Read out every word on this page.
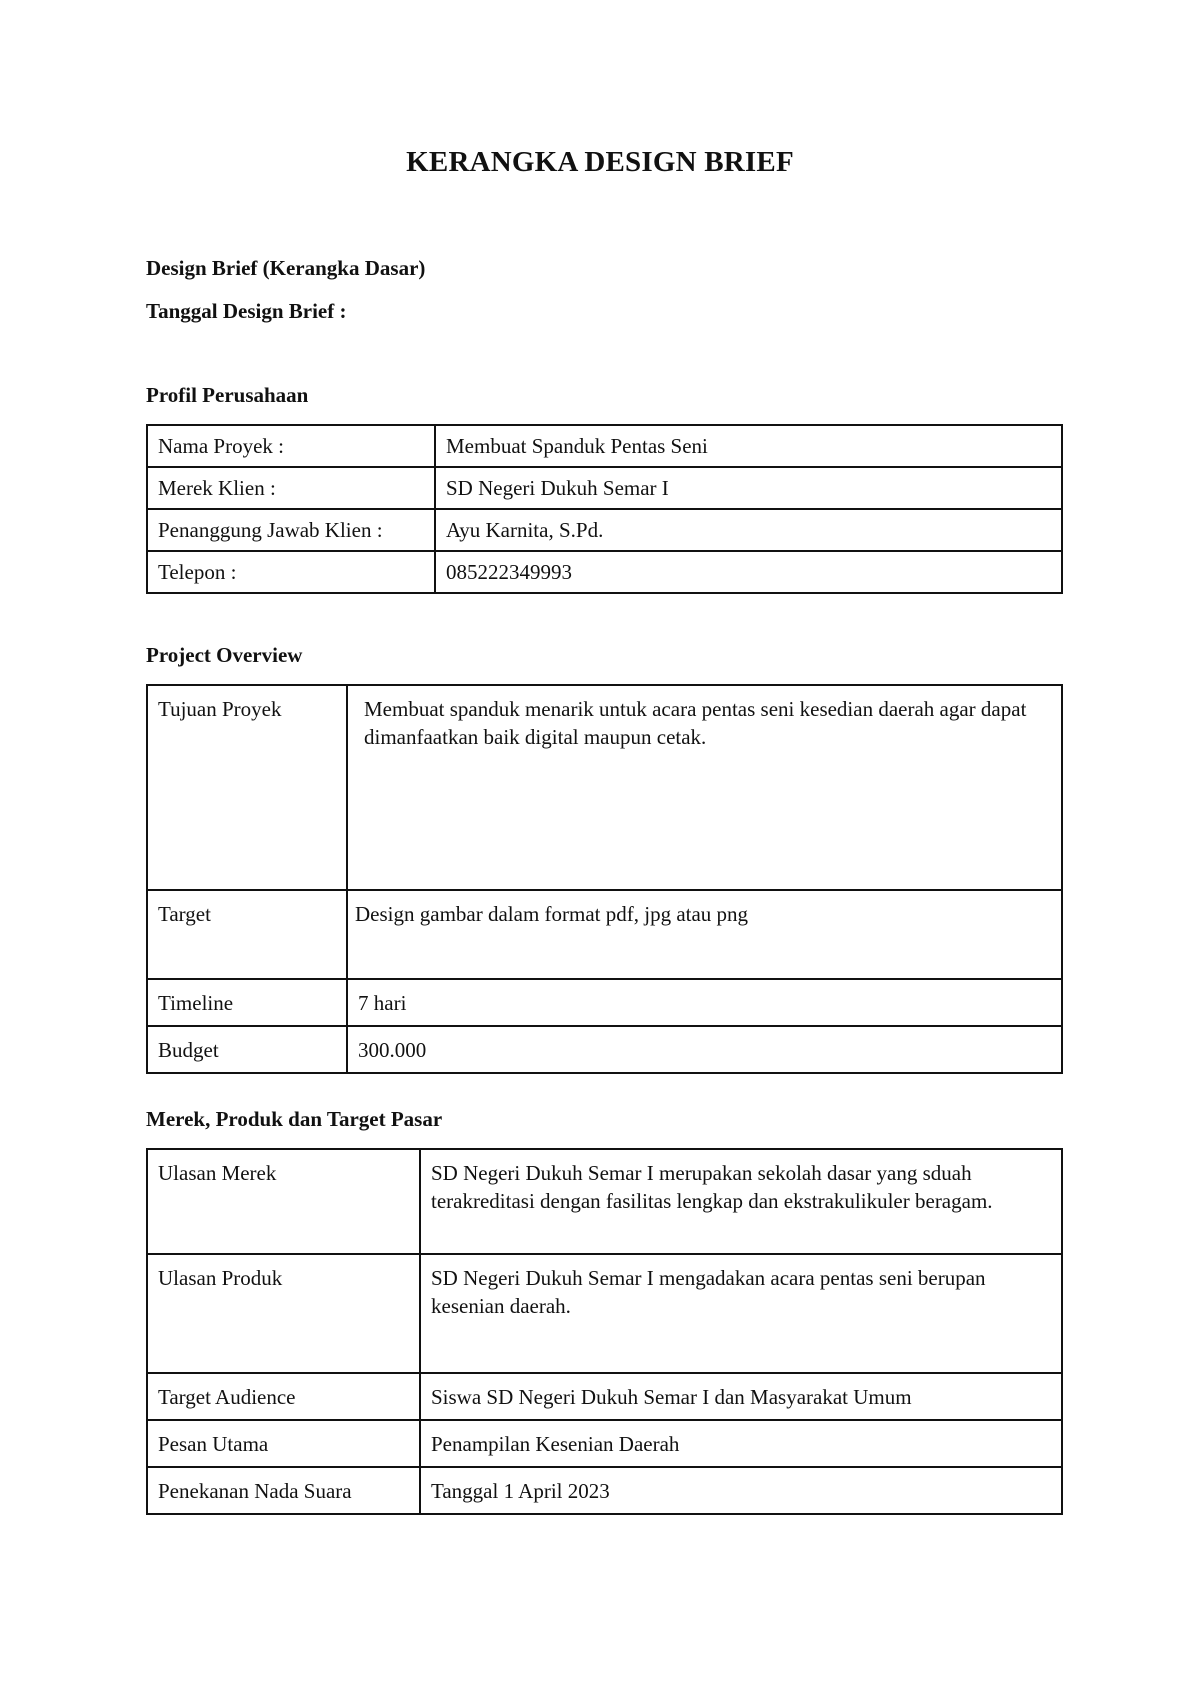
KERANGKA DESIGN BRIEF

Design Brief (Kerangka Dasar)

Tanggal Design Brief :

Profil Perusahaan

Nama Proyek :	Membuat Spanduk Pentas Seni
Merek Klien :	SD Negeri Dukuh Semar I
Penanggung Jawab Klien :	Ayu Karnita, S.Pd.
Telepon :	085222349993

Project Overview

Tujuan Proyek	Membuat spanduk menarik untuk acara pentas seni kesedian daerah agar dapat dimanfaatkan baik digital maupun cetak.
Target	Design gambar dalam format pdf, jpg atau png
Timeline	7 hari
Budget	300.000

Merek, Produk dan Target Pasar

Ulasan Merek	SD Negeri Dukuh Semar I merupakan sekolah dasar yang sduah terakreditasi dengan fasilitas lengkap dan ekstrakulikuler beragam.
Ulasan Produk	SD Negeri Dukuh Semar I mengadakan acara pentas seni berupan kesenian daerah.
Target Audience	Siswa SD Negeri Dukuh Semar I dan Masyarakat Umum
Pesan Utama	Penampilan Kesenian Daerah
Penekanan Nada Suara	Tanggal 1 April 2023
